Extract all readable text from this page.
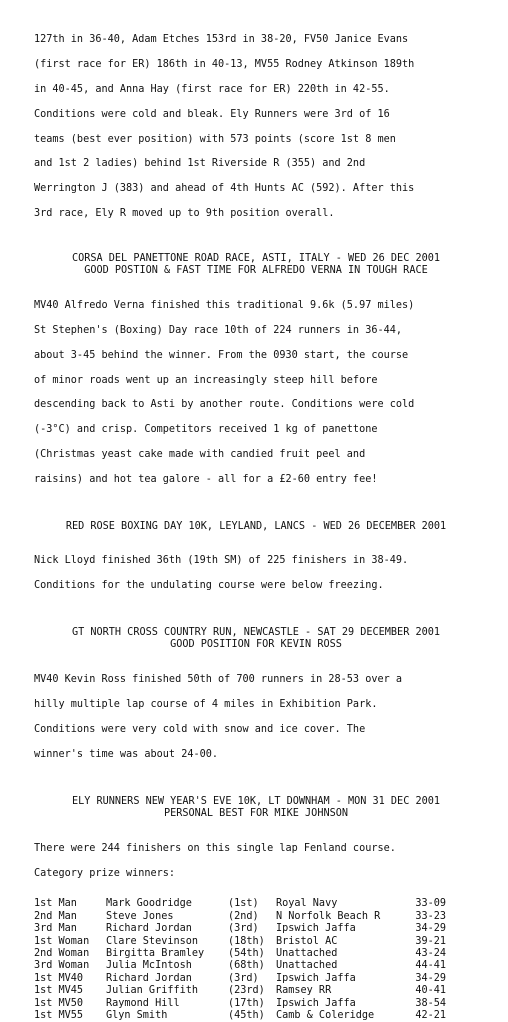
127th in 36-40, Adam Etches 153rd in 38-20, FV50 Janice Evans

(first race for ER) 186th in 40-13, MV55 Rodney Atkinson 189th

in 40-45, and Anna Hay (first race for ER) 220th in 42-55.

Conditions were cold and bleak. Ely Runners were 3rd of 16

teams (best ever position) with 573 points (score 1st 8 men

and 1st 2 ladies) behind 1st Riverside R (355) and 2nd

Werrington J (383) and ahead of 4th Hunts AC (592). After this

3rd race, Ely R moved up to 9th position overall.

CORSA DEL PANETTONE ROAD RACE, ASTI, ITALY - WED 26 DEC 2001
GOOD POSTION & FAST TIME FOR ALFREDO VERNA IN TOUGH RACE

MV40 Alfredo Verna finished this traditional 9.6k (5.97 miles)

St Stephen's (Boxing) Day race 10th of 224 runners in 36-44,

about 3-45 behind the winner. From the 0930 start, the course

of minor roads went up an increasingly steep hill before

descending back to Asti by another route. Conditions were cold

(-3°C) and crisp. Competitors received 1 kg of panettone

(Christmas yeast cake made with candied fruit peel and

raisins) and hot tea galore - all for a £2-60 entry fee!

RED ROSE BOXING DAY 10K, LEYLAND, LANCS - WED 26 DECEMBER 2001

Nick Lloyd finished 36th (19th SM) of 225 finishers in 38-49.

Conditions for the undulating course were below freezing.

GT NORTH CROSS COUNTRY RUN, NEWCASTLE - SAT 29 DECEMBER 2001
GOOD POSITION FOR KEVIN ROSS

MV40 Kevin Ross finished 50th of 700 runners in 28-53 over a

hilly multiple lap course of 4 miles in Exhibition Park.

Conditions were very cold with snow and ice cover. The

winner's time was about 24-00.

ELY RUNNERS NEW YEAR'S EVE 10K, LT DOWNHAM - MON 31 DEC 2001
PERSONAL BEST FOR MIKE JOHNSON

There were 244 finishers on this single lap Fenland course.

Category prize winners:

1st Man	Mark Goodridge	(1st)	Royal Navy	33-09
2nd Man	Steve Jones	(2nd)	N Norfolk Beach R	33-23
3rd Man	Richard Jordan	(3rd)	Ipswich Jaffa	34-29
1st Woman	Clare Stevinson	(18th)	Bristol AC	39-21
2nd Woman	Birgitta Bramley	(54th)	Unattached	43-24
3rd Woman	Julia McIntosh	(68th)	Unattached	44-41
1st MV40	Richard Jordan	(3rd)	Ipswich Jaffa	34-29
1st MV45	Julian Griffith	(23rd)	Ramsey RR	40-41
1st MV50	Raymond Hill	(17th)	Ipswich Jaffa	38-54
1st MV55	Glyn Smith	(45th)	Camb & Coleridge	42-21
